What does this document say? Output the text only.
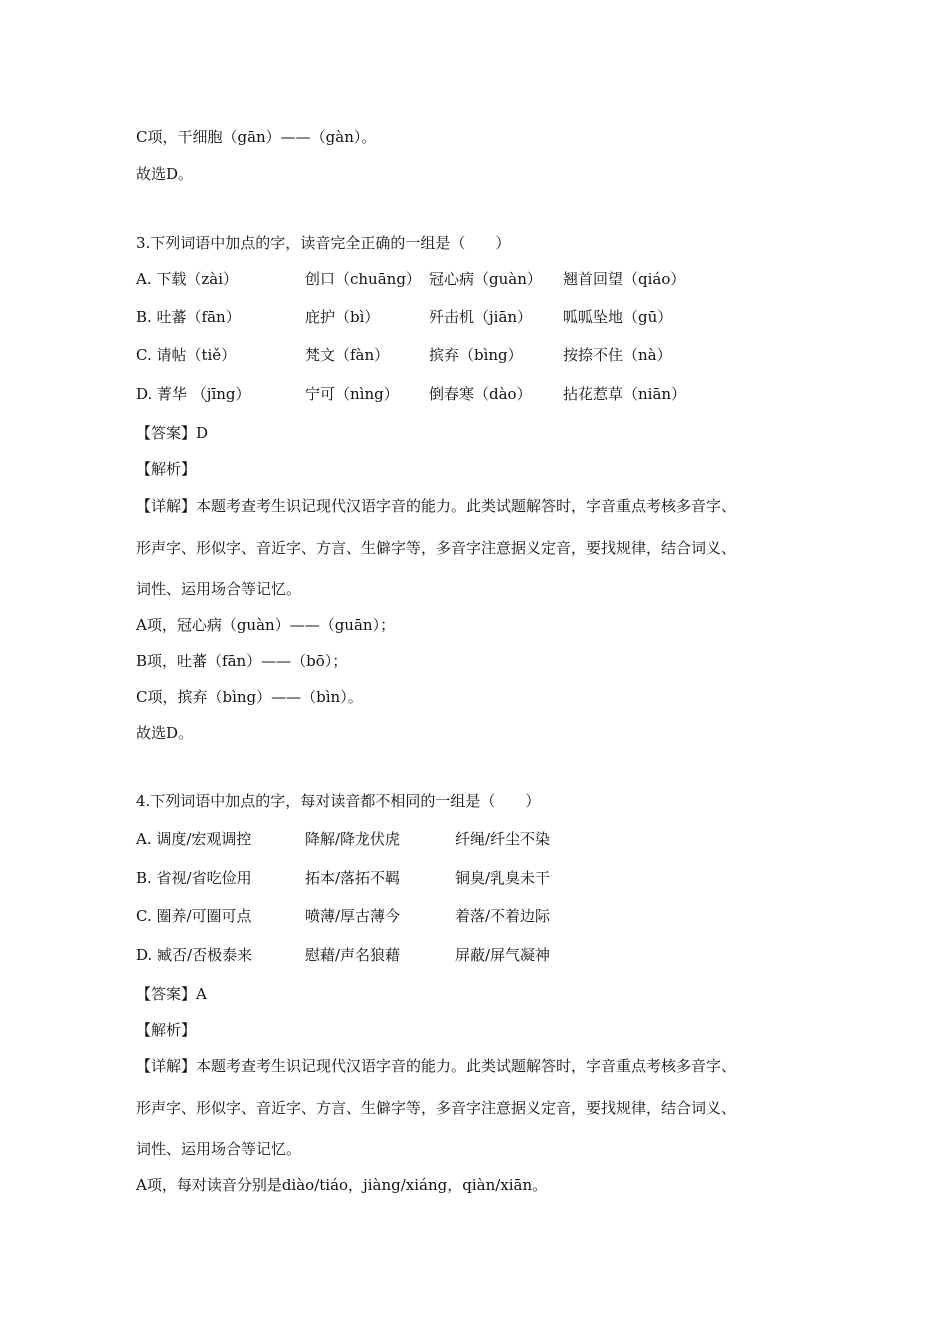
C项，干细胞（gān）——（gàn）。
故选D。
3.下列词语中加点的字，读音完全正确的一组是（　　）
A. 下载（zài）	创口（chuāng） 冠心病（guàn） 翘首回望（qiáo）
B. 吐蕃（fān）	庇护（bì）	歼击机（jiān） 呱呱坠地（gū）
C. 请帖（tiě）	梵文（fàn）	摈弃（bìng）	按捺不住（nà）
D. 菁华 （jīng）	宁可（nìng） 倒春寒（dào） 拈花惹草（niān）
【答案】D
【解析】
【详解】本题考查考生识记现代汉语字音的能力。此类试题解答时，字音重点考核多音字、
形声字、形似字、音近字、方言、生僻字等，多音字注意据义定音，要找规律，结合词义、
词性、运用场合等记忆。
A项，冠心病（guàn）——（guān）；
B项，吐蕃（fān）——（bō）；
C项，摈弃（bìng）——（bìn）。
故选D。
4.下列词语中加点的字，每对读音都不相同的一组是（　　）
A. 调度/宏观调控	降解/降龙伏虎	纤绳/纤尘不染
B. 省视/省吃俭用	拓本/落拓不羁	铜臭/乳臭未干
C. 圈养/可圈可点	喷薄/厚古薄今	着落/不着边际
D. 臧否/否极泰来	慰藉/声名狼藉	屏蔽/屏气凝神
【答案】A
【解析】
【详解】本题考查考生识记现代汉语字音的能力。此类试题解答时，字音重点考核多音字、
形声字、形似字、音近字、方言、生僻字等，多音字注意据义定音，要找规律，结合词义、
词性、运用场合等记忆。
A项，每对读音分别是diào/tiáo，jiàng/xiáng，qiàn/xiān。
